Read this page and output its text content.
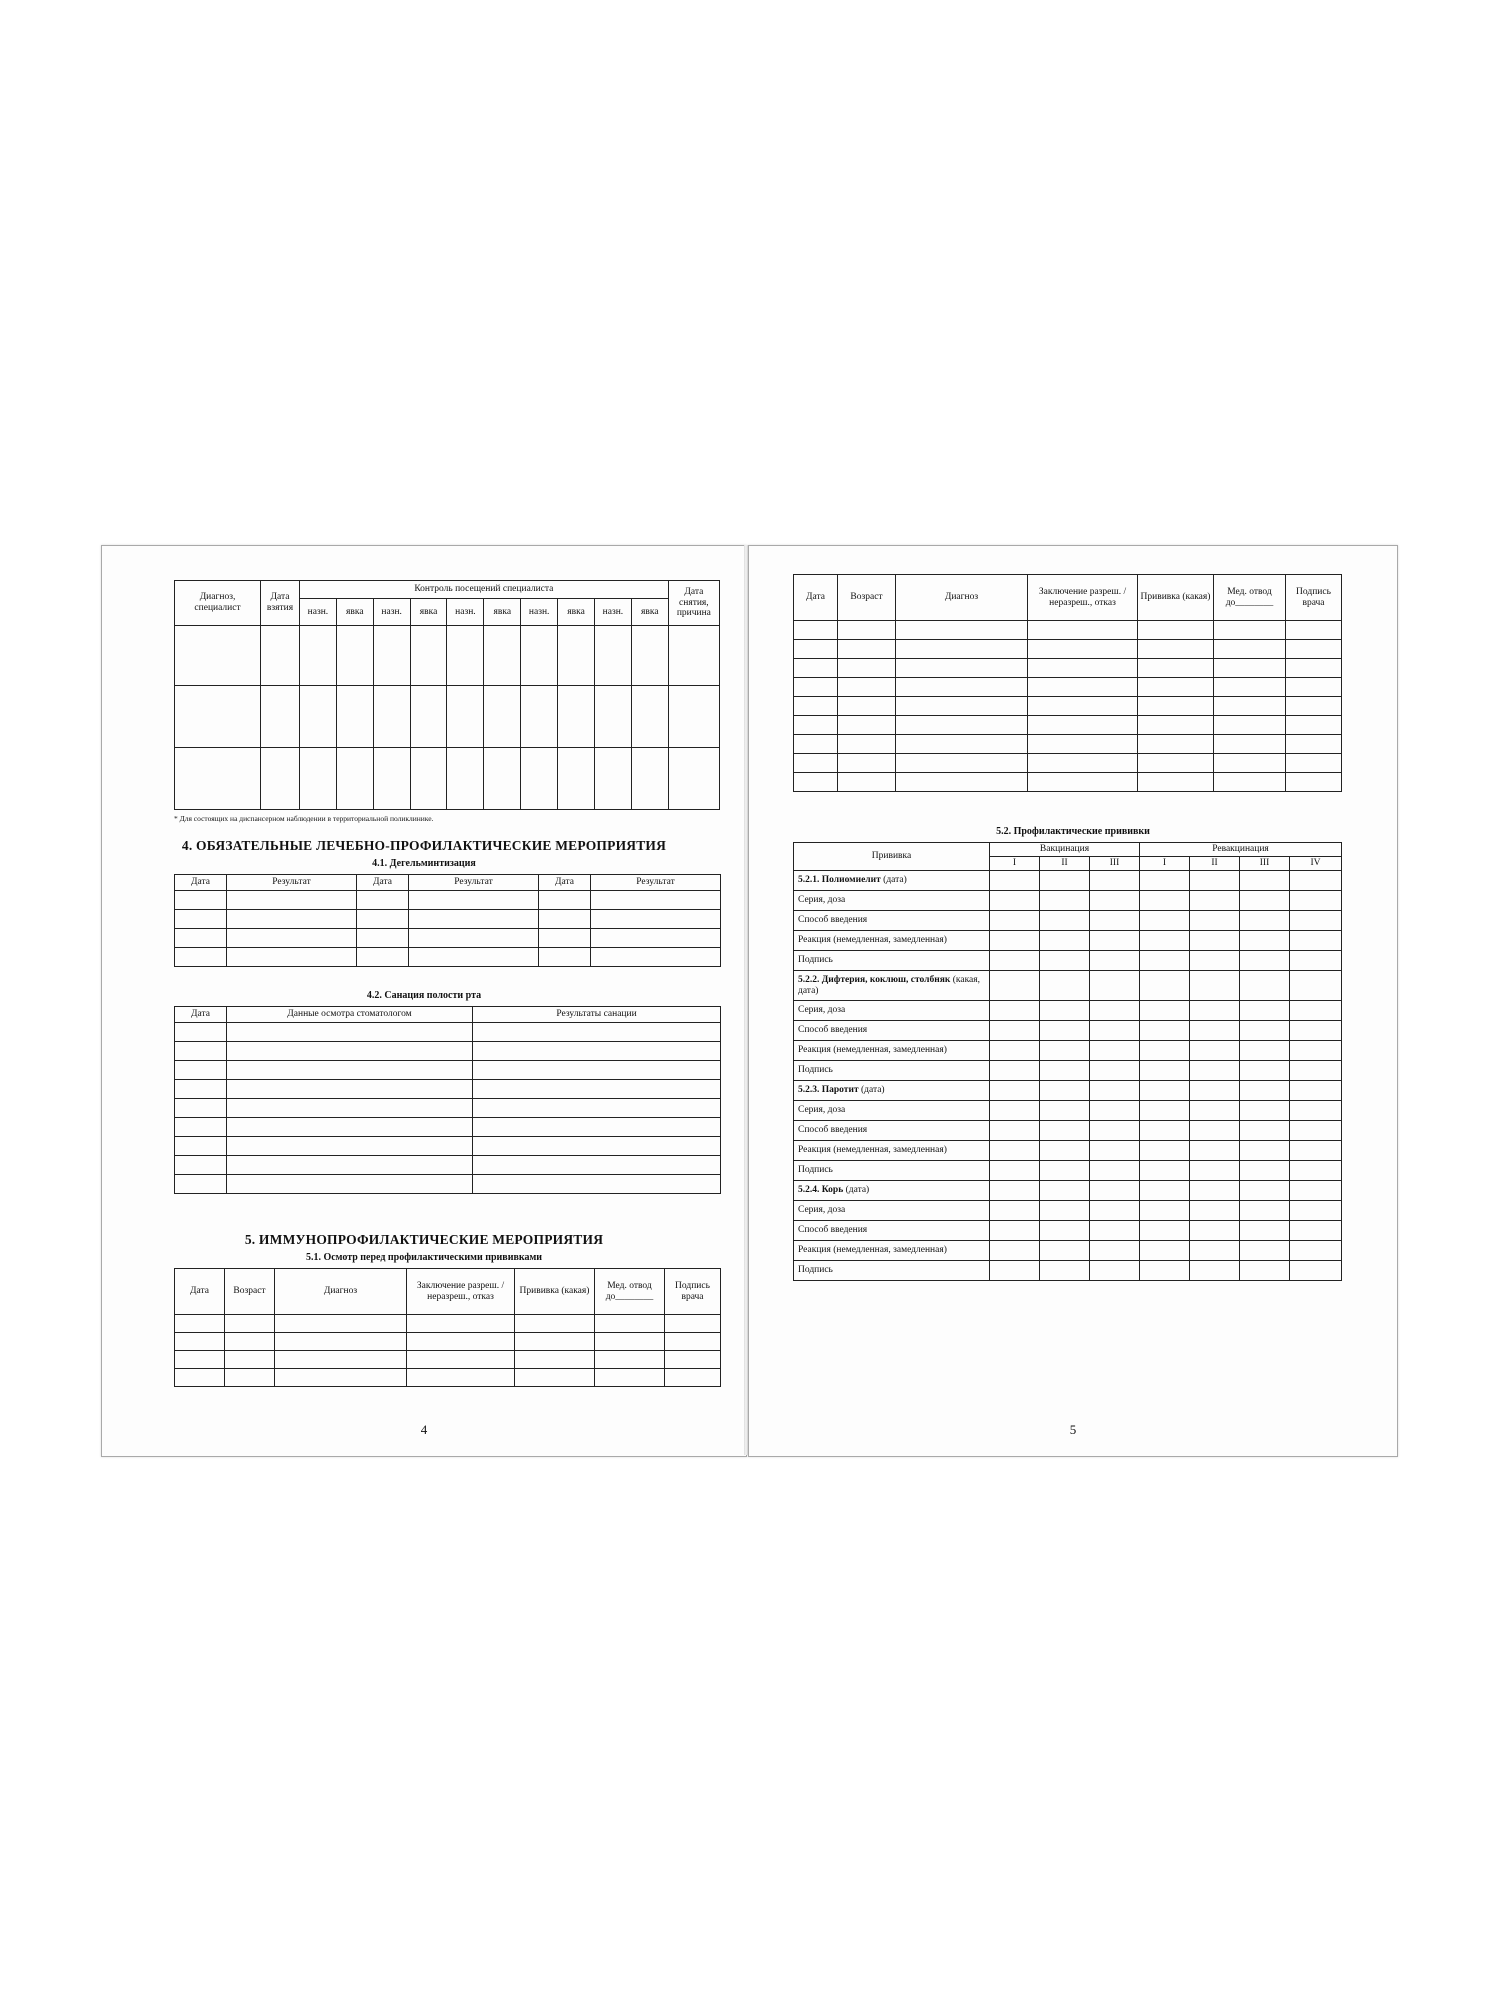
Диагноз, специалист	Дата взятия	Контроль посещений специалиста										Дата снятия, причина
		назн.	явка	назн.	явка	назн.	явка	назн.	явка	назн.	явка	

* Для состоящих на диспансерном наблюдении в территориальной поликлинике.
4. ОБЯЗАТЕЛЬНЫЕ ЛЕЧЕБНО-ПРОФИЛАКТИЧЕСКИЕ МЕРОПРИЯТИЯ
4.1. Дегельминтизация
Дата	Результат	Дата	Результат	Дата	Результат

4.2. Санация полости рта
Дата	Данные осмотра стоматологом	Результаты санации

5. ИММУНОПРОФИЛАКТИЧЕСКИЕ МЕРОПРИЯТИЯ
5.1. Осмотр перед профилактическими прививками
Дата	Возраст	Диагноз	Заключение разреш. / неразреш., отказ	Прививка (какая)	Мед. отвод до________	Подпись врача

4
Дата	Возраст	Диагноз	Заключение разреш. / неразреш., отказ	Прививка (какая)	Мед. отвод до________	Подпись врача

5.2. Профилактические прививки
Прививка	Вакцинация			Ревакцинация			
	I	II	III	I	II	III	IV
5.2.1. Полиомиелит (дата)							
Серия, доза							
Способ введения							
Реакция (немедленная, замедленная)							
Подпись							
5.2.2. Дифтерия, коклюш, столбняк (какая, дата)							
Серия, доза							
Способ введения							
Реакция (немедленная, замедленная)							
Подпись							
5.2.3. Паротит (дата)							
Серия, доза							
Способ введения							
Реакция (немедленная, замедленная)							
Подпись							
5.2.4. Корь (дата)							
Серия, доза							
Способ введения							
Реакция (немедленная, замедленная)							
Подпись							
5
